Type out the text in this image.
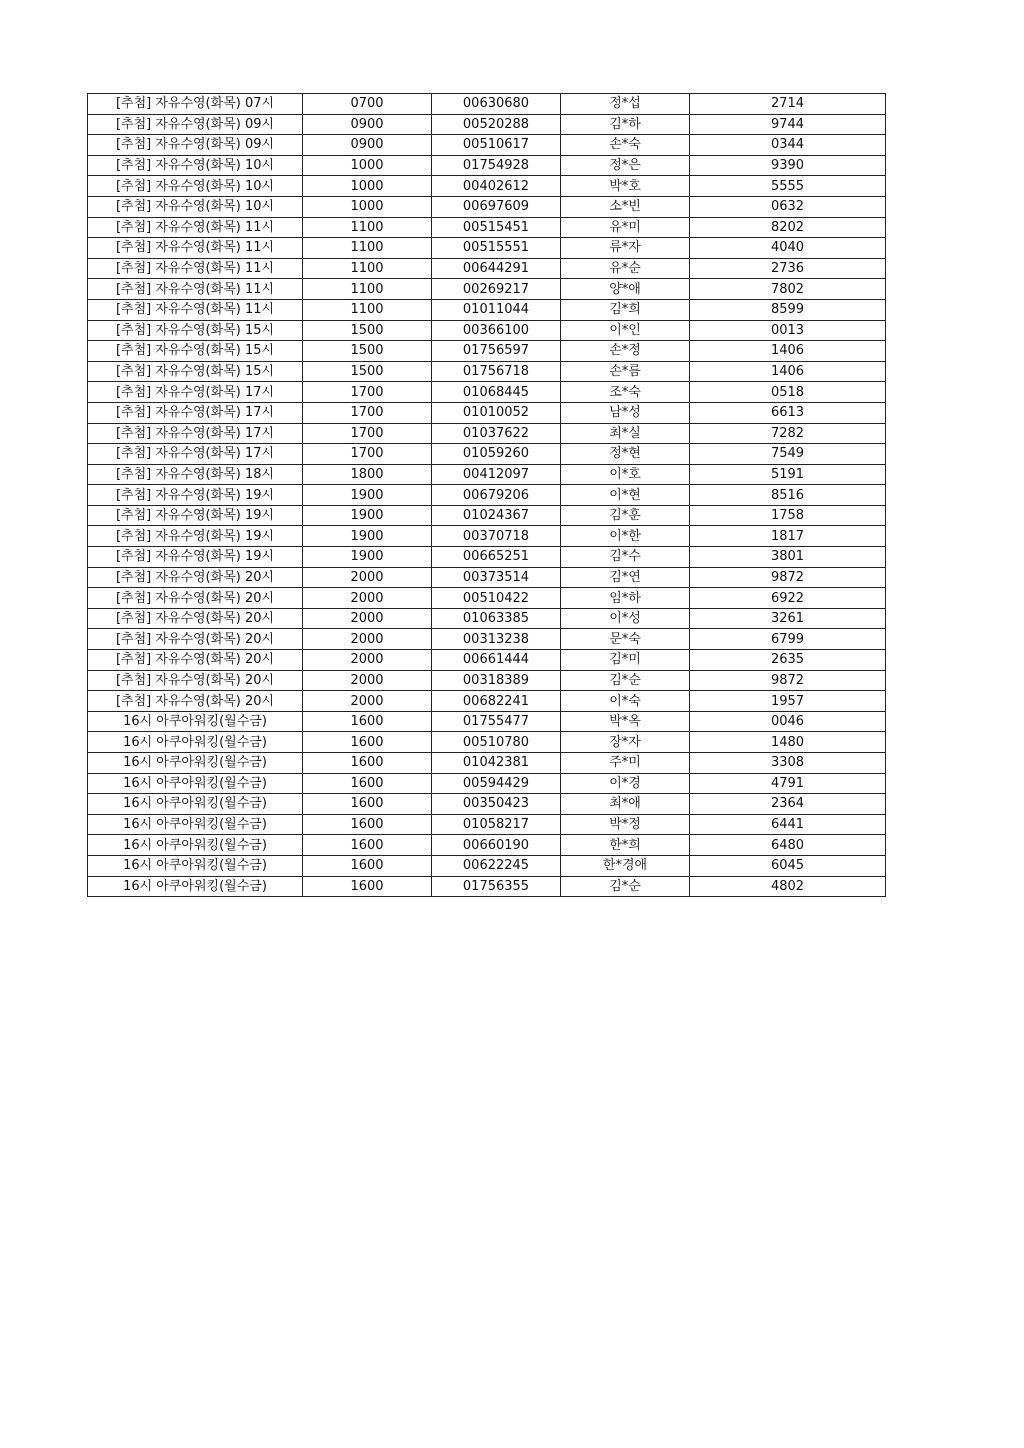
[추첨] 자유수영(화목) 07시	0700	00630680	정*섭	2714
[추첨] 자유수영(화목) 09시	0900	00520288	김*하	9744
[추첨] 자유수영(화목) 09시	0900	00510617	손*숙	0344
[추첨] 자유수영(화목) 10시	1000	01754928	정*은	9390
[추첨] 자유수영(화목) 10시	1000	00402612	박*호	5555
[추첨] 자유수영(화목) 10시	1000	00697609	소*빈	0632
[추첨] 자유수영(화목) 11시	1100	00515451	유*미	8202
[추첨] 자유수영(화목) 11시	1100	00515551	류*자	4040
[추첨] 자유수영(화목) 11시	1100	00644291	유*순	2736
[추첨] 자유수영(화목) 11시	1100	00269217	양*애	7802
[추첨] 자유수영(화목) 11시	1100	01011044	김*희	8599
[추첨] 자유수영(화목) 15시	1500	00366100	이*인	0013
[추첨] 자유수영(화목) 15시	1500	01756597	손*정	1406
[추첨] 자유수영(화목) 15시	1500	01756718	손*름	1406
[추첨] 자유수영(화목) 17시	1700	01068445	조*숙	0518
[추첨] 자유수영(화목) 17시	1700	01010052	남*성	6613
[추첨] 자유수영(화목) 17시	1700	01037622	최*실	7282
[추첨] 자유수영(화목) 17시	1700	01059260	정*현	7549
[추첨] 자유수영(화목) 18시	1800	00412097	이*호	5191
[추첨] 자유수영(화목) 19시	1900	00679206	이*현	8516
[추첨] 자유수영(화목) 19시	1900	01024367	김*훈	1758
[추첨] 자유수영(화목) 19시	1900	00370718	이*한	1817
[추첨] 자유수영(화목) 19시	1900	00665251	김*수	3801
[추첨] 자유수영(화목) 20시	2000	00373514	김*연	9872
[추첨] 자유수영(화목) 20시	2000	00510422	임*하	6922
[추첨] 자유수영(화목) 20시	2000	01063385	이*성	3261
[추첨] 자유수영(화목) 20시	2000	00313238	문*숙	6799
[추첨] 자유수영(화목) 20시	2000	00661444	김*미	2635
[추첨] 자유수영(화목) 20시	2000	00318389	김*순	9872
[추첨] 자유수영(화목) 20시	2000	00682241	이*숙	1957
16시 아쿠아워킹(월수금)	1600	01755477	박*옥	0046
16시 아쿠아워킹(월수금)	1600	00510780	장*자	1480
16시 아쿠아워킹(월수금)	1600	01042381	주*미	3308
16시 아쿠아워킹(월수금)	1600	00594429	이*경	4791
16시 아쿠아워킹(월수금)	1600	00350423	최*애	2364
16시 아쿠아워킹(월수금)	1600	01058217	박*정	6441
16시 아쿠아워킹(월수금)	1600	00660190	한*희	6480
16시 아쿠아워킹(월수금)	1600	00622245	한*경애	6045
16시 아쿠아워킹(월수금)	1600	01756355	김*순	4802
